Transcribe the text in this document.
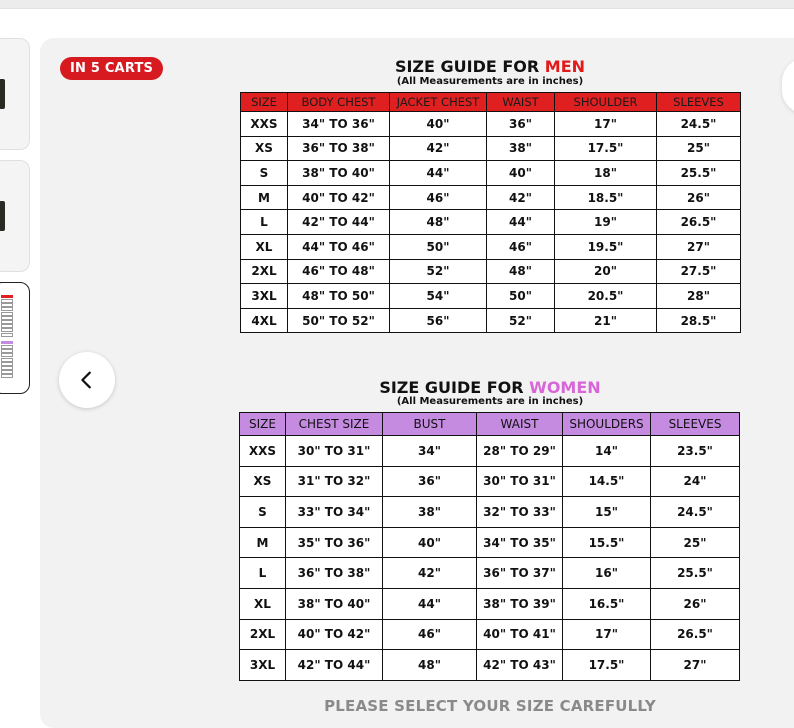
IN 5 CARTS	SIZE GUIDE FOR MEN
(All Measurements are in inches)
SIZE	BODY CHEST	JACKET CHEST	WAIST	SHOULDER	SLEEVES
XXS	34" TO 36"	40"	36"	17"	24.5"
XS	36" TO 38"	42"	38"	17.5"	25"
S	38" TO 40"	44"	40"	18"	25.5"
M	40" TO 42"	46"	42"	18.5"	26"
L	42" TO 44"	48"	44"	19"	26.5"
XL	44" TO 46"	50"	46"	19.5"	27"
2XL	46" TO 48"	52"	48"	20"	27.5"
3XL	48" TO 50"	54"	50"	20.5"	28"
4XL	50" TO 52"	56"	52"	21"	28.5"
SIZE GUIDE FOR WOMEN
(All Measurements are in inches)
SIZE	CHEST SIZE	BUST	WAIST	SHOULDERS	SLEEVES
XXS	30" TO 31"	34"	28" TO 29"	14"	23.5"
XS	31" TO 32"	36"	30" TO 31"	14.5"	24"
S	33" TO 34"	38"	32" TO 33"	15"	24.5"
M	35" TO 36"	40"	34" TO 35"	15.5"	25"
L	36" TO 38"	42"	36" TO 37"	16"	25.5"
XL	38" TO 40"	44"	38" TO 39"	16.5"	26"
2XL	40" TO 42"	46"	40" TO 41"	17"	26.5"
3XL	42" TO 44"	48"	42" TO 43"	17.5"	27"
PLEASE SELECT YOUR SIZE CAREFULLY
